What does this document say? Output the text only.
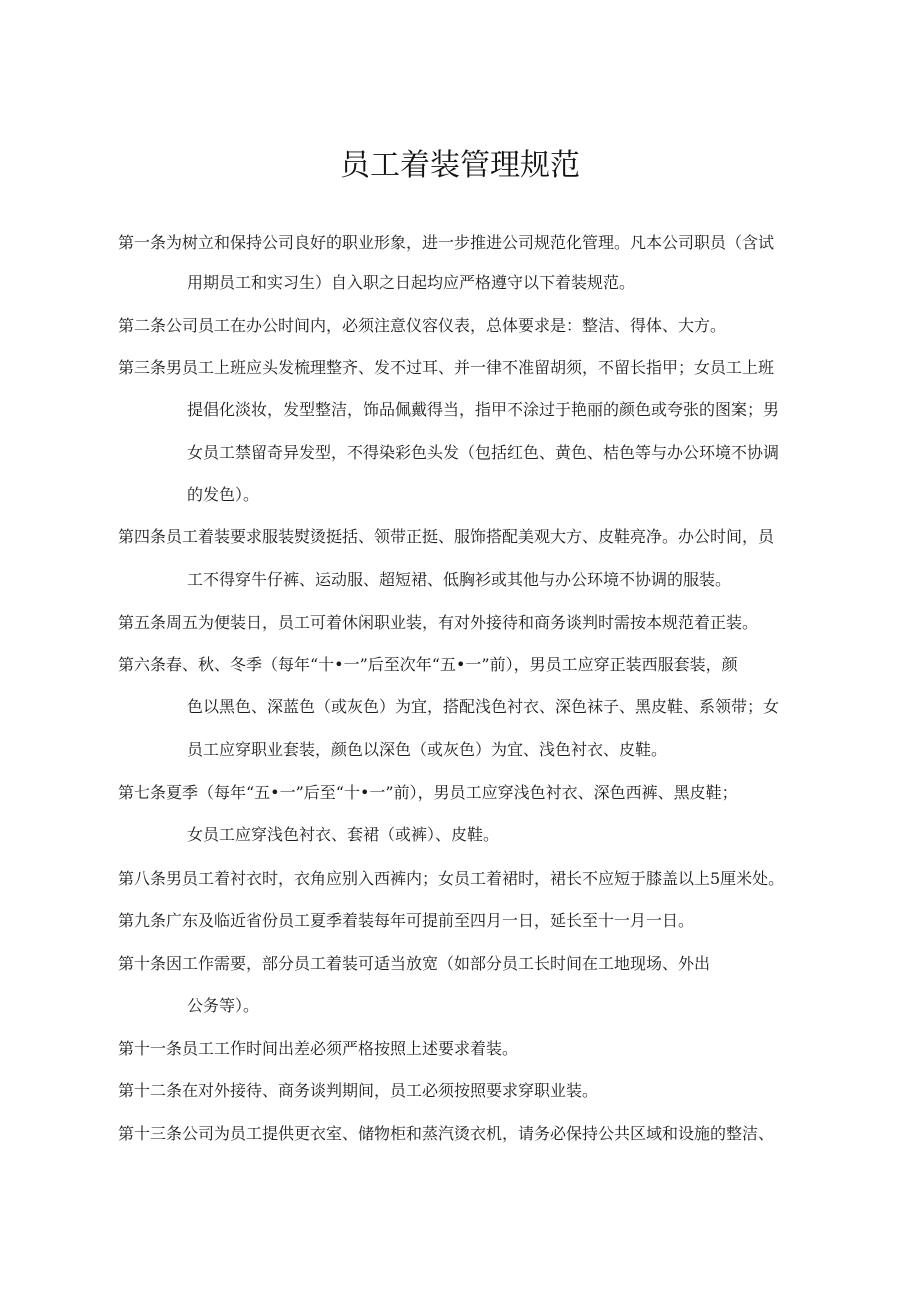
员工着装管理规范
第一条为树立和保持公司良好的职业形象，进一步推进公司规范化管理。凡本公司职员（含试
用期员工和实习生）自入职之日起均应严格遵守以下着装规范。
第二条公司员工在办公时间内，必须注意仪容仪表，总体要求是：整洁、得体、大方。
第三条男员工上班应头发梳理整齐、发不过耳、并一律不准留胡须，不留长指甲；女员工上班
提倡化淡妆，发型整洁，饰品佩戴得当，指甲不涂过于艳丽的颜色或夸张的图案；男
女员工禁留奇异发型，不得染彩色头发（包括红色、黄色、桔色等与办公环境不协调
的发色）。
第四条员工着装要求服装熨烫挺括、领带正挺、服饰搭配美观大方、皮鞋亮净。办公时间，员
工不得穿牛仔裤、运动服、超短裙、低胸衫或其他与办公环境不协调的服装。
第五条周五为便装日，员工可着休闲职业装，有对外接待和商务谈判时需按本规范着正装。
第六条春、秋、冬季（每年“十•一”后至次年“五•一”前），男员工应穿正装西服套装，颜
色以黑色、深蓝色（或灰色）为宜，搭配浅色衬衣、深色袜子、黑皮鞋、系领带；女
员工应穿职业套装，颜色以深色（或灰色）为宜、浅色衬衣、皮鞋。
第七条夏季（每年“五•一”后至“十•一”前），男员工应穿浅色衬衣、深色西裤、黑皮鞋；
女员工应穿浅色衬衣、套裙（或裤）、皮鞋。
第八条男员工着衬衣时，衣角应别入西裤内；女员工着裙时，裙长不应短于膝盖以上5厘米处。
第九条广东及临近省份员工夏季着装每年可提前至四月一日，延长至十一月一日。
第十条因工作需要，部分员工着装可适当放宽（如部分员工长时间在工地现场、外出
公务等）。
第十一条员工工作时间出差必须严格按照上述要求着装。
第十二条在对外接待、商务谈判期间，员工必须按照要求穿职业装。
第十三条公司为员工提供更衣室、储物柜和蒸汽烫衣机，请务必保持公共区域和设施的整洁、
